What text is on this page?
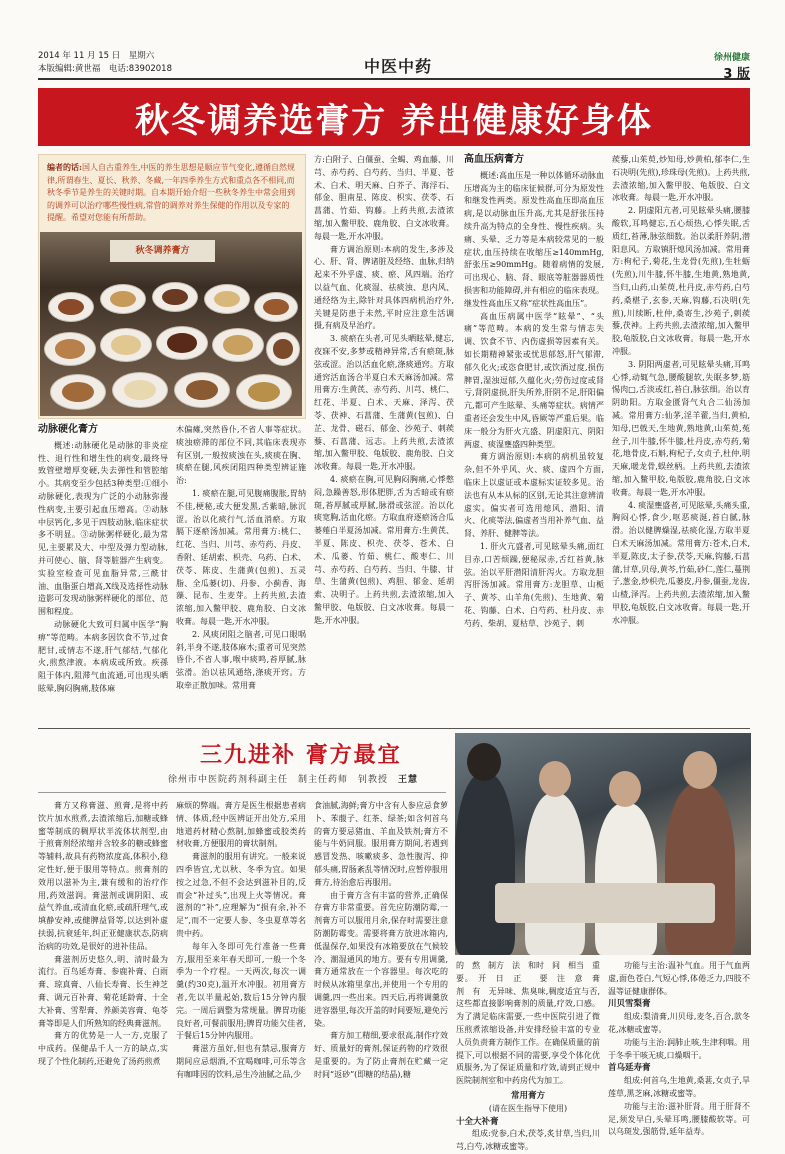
2014 年 11 月 15 日　星期六
本版编辑:黄世福　电话:83902018	中医中药	徐州健康
3 版
秋冬调养选膏方 养出健康好身体
编者的话:国人自古重养生,中医的养生思想是顺应节气变化,遵循自然规律,所谓春生、夏长、秋养、冬藏,一年四季养生方式和重点各不相同,而秋冬季节是养生的关键时期。自本期开始介绍一些秋冬养生中常会用到的调养可以治疗哪些慢性病,常营的调养对养生保健的作用以及专家的提醒。希望对您能有所帮助。
秋冬调养膏方
动脉硬化膏方

概述:动脉硬化是动脉的非炎症性、退行性和增生性的病变,最终导致管壁增厚变硬,失去弹性和管腔缩小。其病变至少包括3种类型:①细小动脉硬化,表现为广泛的小动脉弥漫性病变,主要引起血压增高。②动脉中层钙化,多见于四肢动脉,临床症状多不明显。③动脉粥样硬化,最为常见,主要累及大、中型及弹力型动脉,并可使心、脑、肾等脏器产生病变。实验室检查可见血脂异常,三酰甘油、血脂蛋白增高,X线及选择性动脉造影可发现动脉粥样硬化的部位、范围和程度。

动脉硬化大致可归属中医学“胸痹”等范畴。本病多因饮食不节,过食肥甘,或情志不遂,肝气郁结,气郁化火,煎熬津液。本病成或所致。疾孫阻于体内,阻滞气血流通,可出现头晒眩晕,胸闷胸痛,肢体麻

木偏瘫,突然昏仆,不省人事等症状。痰浊瘀滞的部位不同,其临床表现亦有区别,一般按痰浊在头,痰痰在胸、痰瘀在腿,风疾闭阻四种类型辨证施治:

1. 痰瘀在腿,可见腹痛腹胀,胃纳不佳,梗秘,或大便发黑,舌紫暗,脉沉涩。治以化痰行气,活血消瘀。方取膈下逐瘀汤加减。常用膏方:桃仁、红花、当归、川芎、赤芍药、丹皮、香附、延胡索、枳壳、乌药、白术、茯苓、陈皮、生蒲黄(包煎)、五灵脂、全瓜蒌(切)、丹参、小蓟香、海藻、昆布、生麦芽。上药共煎,去渣浓缩,加入鳖甲胶、鹿角胶、白文冰收膏。每晨一匙,开水冲服。

2. 风痰闭阻之脑者,可见口眼㖞斜,半身不遂,肢体麻木;重者可见突然昏仆,不省人事,喉中痰鸣,苔厚腻,脉弦滑。治以祛风通络,涤痰开窍。方取牵正散加味。常用膏

方:白附子、白僵蚕、全蝎、鸡血藤、川芎、赤芍药、白芍药、当归、半夏、苍术、白术、明天麻、白芥子、海浮石、郁金、胆南星、陈皮、枳实、茯苓、石菖蒲、竹茹、钩藤。上药共煎,去渣浓缩,加入鳖甲胶、鹿角胶、白文冰收膏。每晨一匙,开水冲服。

膏方调治原则:本病的发生,多涉及心、肝、肾、脾诸脏及经络、血脉,归纳起来不外乎虚、痰、瘀、风四端。治疗以益气血、化痰湿、祛痰浊、息内风、通经络为主,除针对具体四病机治疗外,关键是防患于未然,平时应注意生活调摄,有病及早治疗。

3. 痰瘀在头者,可见头晒眩晕,健忘,夜寐不安,多梦或精神异常,舌有瘀斑,脉弦或涩。治以活血化瘀,涤痰通窍。方取通窍活血汤合半夏白术天麻汤加减。常用膏方:生黄芪、赤芍药、川芎、桃仁、红花、半夏、白术、天麻、泽泻、茯苓、茯神、石菖蒲、生蒲黄(包煎)、白芷、龙骨、磁石、郁金、沙苑子、刺蒺藜、石菖蒲、远志。上药共煎,去渣浓缩,加入鳖甲胶、龟版胶、鹿角胶、白文冰收膏。每晨一匙,开水冲服。

4. 痰瘀在胸,可见胸闷胸痛,心悸憋闷,急躁善怒,形体肥胖,舌为舌暗或有瘀斑,苔厚腻或厚腻,脉滑或弦涩。治以化痰宽胸,活血化瘀。方取血府逐瘀汤合瓜蒌薤白半夏汤加减。常用膏方:生黄芪、半夏、陈皮、枳壳、茯苓、苍术、白术、瓜蒌、竹茹、桃仁、酸枣仁、川芎、赤芍药、白芍药、当归、牛膝、甘草、生蒲黄(包煎)、鸡胆、郁金、延胡索、决明子。上药共煎,去渣浓缩,加入鳖甲胶、龟版胶、白文冰收膏。每晨一匙,开水冲服。

高血压病膏方

概述:高血压是一种以体循环动脉血压增高为主的临床征候群,可分为原发性和继发性两类。原发性高血压即高血压病,是以动脉血压升高,尤其是舒张压持续升高为特点的全身性、慢性疾病。头痛、头晕、乏力等是本病较常见的一般症状,血压持续在收缩压≥140mmHg,舒张压≥90mmHg。随着病情的发展,可出现心、脑、肾、眼底等脏器器质性损害和功能障碍,并有相应的临床表现。继发性高血压又称“症状性高血压”。

高血压病属中医学“眩晕”、“头痛”等范畴。本病的发生常与情志失调、饮食不节、内伤虚损等因素有关。如长期精神紧张或忧思郁怒,肝气郁滞,郁久化火;或恣食肥甘,或饮酒过度,损伤脾胃,湿浊逗郁,久蕴化火;劳伤过度或肾亏,肾阴虚损,肝失所养,肝阴不足,肝阳偏亢,都可产生眩晕、头痛等症状。病情严重者还会发生中风,昏厥等严重后果。临床一般分为肝火亢盛、阴虚阳亢、阴阳两虚、痰湿壅盛四种类型。

膏方调治原则:本病的病机虽较复杂,但不外乎风、火、痰、虚四个方面,临床上以虚证或本虚标实证较多见。治法也有从本从标的区别,无论其注意辨清虚实。偏实者可选用熄风、潜阳、清火、化痰等法,偏虚者当用补养气血、益肾、养肝、健脾等法。

1. 肝火亢盛者,可见眩晕头痛,面红目赤,口苦烦躁,便秘尿赤,舌红苔黄,脉弦。治以平肝潜阳清肝泻火。方取龙胆泻肝汤加减。常用膏方:龙胆草、山栀子、黄芩、山羊角(先煎)、生地黄、菊花、钩藤、白术、白芍药、杜丹皮、赤芍药、柴胡、夏枯草、沙苑子、刺

蒺藜,山茱萸,炒知母,炒黄柏,郁李仁,生石决明(先煎),珍珠母(先煎)。上药共煎,去渣浓缩,加入鳖甲胶、龟版胶、白文冰收膏。每晨一匙,开水冲服。

2. 阴虚阳亢者,可见眩晕头痛,腰膝酸软,耳鸣健忘,五心烦热,心悸失眠,舌质红,苔薄,脉弦细数。治以柔肝养阴,潜阳息风。方取镇肝熄风汤加减。常用膏方:枸杞子,菊花,生龙骨(先煎),生牡蛎(先煎),川牛膝,怀牛膝,生地黄,熟地黄,当归,山药,山茱萸,杜丹皮,赤芍药,白芍药,桑椹子,玄参,天麻,钩藤,石决明(先煎),川续断,杜仲,桑寄生,沙苑子,刺蒺藜,茯神。上药共煎,去渣浓缩,加入鳖甲胶,龟版胶,白文冰收膏。每晨一匙,开水冲服。

3. 阴阳两虚者,可见眩晕头痛,耳鸣心悸,动辄气急,腰酸腿软,失眠多梦,筋惕肉□,舌淡或红,苔白,脉弦细。治以育阴助阳。方取金匮肾气丸合二仙汤加减。常用膏方:仙茅,淫羊藿,当归,黄柏,知母,巴戟天,生地黄,熟地黄,山茱萸,菟丝子,川牛膝,怀牛膝,杜丹皮,赤芍药,菊花,地骨皮,石斛,枸杞子,女贞子,杜仲,明天麻,暖龙骨,蜈丝柄。上药共煎,去渣浓缩,加入鳖甲胶,龟版胶,鹿角胶,白文冰收膏。每晨一匙,开水冲服。

4. 痰湿壅盛者,可见眩晕,头痛头重,胸闷心悸,食少,呕恶痰涎,苔白腻,脉滑。治以健脾燥湿,祛痰化湿,方取半夏白术天麻汤加减。常用膏方:苍术,白术,半夏,陈皮,太子参,茯苓,天麻,钩藤,石菖蒲,甘草,贝母,黄芩,竹茹,砂仁,莲仁,蔓荆子,葱金,炒枳壳,瓜蒌皮,丹参,僵蚕,龙齿,山楂,泽泻。上药共煎,去渣浓缩,加入鳖甲胶,龟版胶,白文冰收膏。每晨一匙,开水冲服。

三九进补 膏方最宜
徐州市中医院药剂科副主任　制主任药师　钊教授　 王慧

膏方又称膏滋、煎膏,是将中药饮片加水煎煮,去渣浓缩后,加糖或蜂蜜等制成的稠厚状半流体状剂型,由于煎膏剂经浓缩并含较多的糖或蜂蜜等辅料,故具有药物浓度高,体积小,稳定性好,便于服用等特点。煎膏剂的效用以滋补为主,兼有缓和的治疗作用,药效滋润。膏滋剂或调阴阳、或益气养血,或清血化瘀,或疏肝理气,或填静安神,或健脾益肾等,以达到补虚扶弱,抗衰延年,纠正亚健康状态,防病治病的功效,是很好的进补佳品。

膏滋剂历史悠久,明、清时最为流行。百鸟延寿膏、参鹿补膏、白雨膏、琼真膏、八仙长寿膏、长生神芝膏、调元百补膏、菊花延龄膏、十全大补膏、雪犁膏、养颜美容膏、龟苓膏等即是人们所熟知的经典膏滋剂。

膏方的优势是一人一方,克服了中成药。保健品千人一方的缺点,实现了个性化制药,还避免了汤药煎煮

麻烦的弊端。膏方是医生根据患者病情、体质,经中医辨证开出处方,采用地道药材精心熬制,加蜂蜜或胶类药材收膏,方便服用的膏状制剂。

膏滋剂的服用有讲究。一般来说四季皆宜,尤以秋、冬季为宜。如果按之过急,不但不会达到滋补目的,反而会“补过头”,出现上火等情况。膏滋剂的“补”,应理解为“损有余,补不足”,而不一定要人参、冬虫夏草等名贵中药。

每年入冬即可先行准备一些膏方,服用至来年春天即可,一般一个冬季为一个疗程。一天两次,每次一调羹(约30克),温开水冲服。初用膏方者,先以半量起始,数后15分钟内服完。一周后调整为常规量。脾胃功能良好者,可餐前服用;脾胃功能欠佳者,于餐后15分钟内服用。

膏滋方虽好,但也有禁忌,服膏方期间应忌烟酒,不宜喝咖啡,可乐等含有咖啡因的饮料,忌生冷油腻之品,少

食油腻,海鲜;膏方中含有人参应忌食萝卜、苯菔子、红茶、绿茶;如含何首乌的膏方要忌猪血、羊血及铁剂;膏方不能与牛奶同服。服用膏方期间,若遇到感冒发热、咳嗽痰多、急性腹泻、抑郁头痛,胃肠紊乱等情况时,应暂停服用膏方,待治愈后再服用。

由于膏方含有丰富的营养,正确保存膏方非常重要。首先应防潮防霉,一剂膏方可以服用月余,保存时需要注意防潮防霉变。需要将膏方放进冰箱内,低温保存,如果没有冰箱要放在气候较冷、潮湿通风的地方。要有专用调羹,膏方通常放在一个容器里。每次吃的时候从冰箱里拿出,并使用一个专用的调羹,四一些出来。四天后,再将调羹放进容器里,每次开盖的时间要短,避免污染。

膏方加工精细,要求很高,制作疗效好、质量好的膏剂,保证药物的疗效很是重要的。为了防止膏剂在贮藏一定时间“返砂”(即糖的结晶),糖

的　熬　制方　法　和时　间　相当　重　要。　开　日　正　　要　注　意　膏　剂　有　无异味、焦臭味,稠度适宜与否,这些都直接影响膏剂的质量,疗效,口感。为了满足临床需要,一些中医院引进了微压煎煮浓缩设备,并安排经验丰富的专业人员负责膏方制作工作。在确保质量的前提下,可以根据不同的需要,享受个体化优质服务,为了保证质量和疗效,请到正规中医院制剂室和中药房代为加工。

常用膏方
(请在医生指导下使用)
十全大补膏

组成:党参,白术,茯苓,炙甘草,当归,川芎,白芍,冰糖或蜜等。

功能与主治:温补气血。用于气血两虚,面色苍白,气短心悸,体倦乏力,四肢不温等证健康群体。

川贝雪梨膏

组成:梨清膏,川贝母,麦冬,百合,款冬花,冰糖或蜜等。

功能与主治:润肺止咳,生津利咽。用于冬季干咳无痰,口燥咽干。

首乌延寿膏

组成:何首乌,生地黄,桑葚,女贞子,旱莲草,黑芝麻,冰糖或蜜等。

功能与主治:滋补肝肾。用于肝肾不足,须发早白,头晕耳鸣,腰膝酸软等。可以乌斑发,强筋骨,延年益寿。
